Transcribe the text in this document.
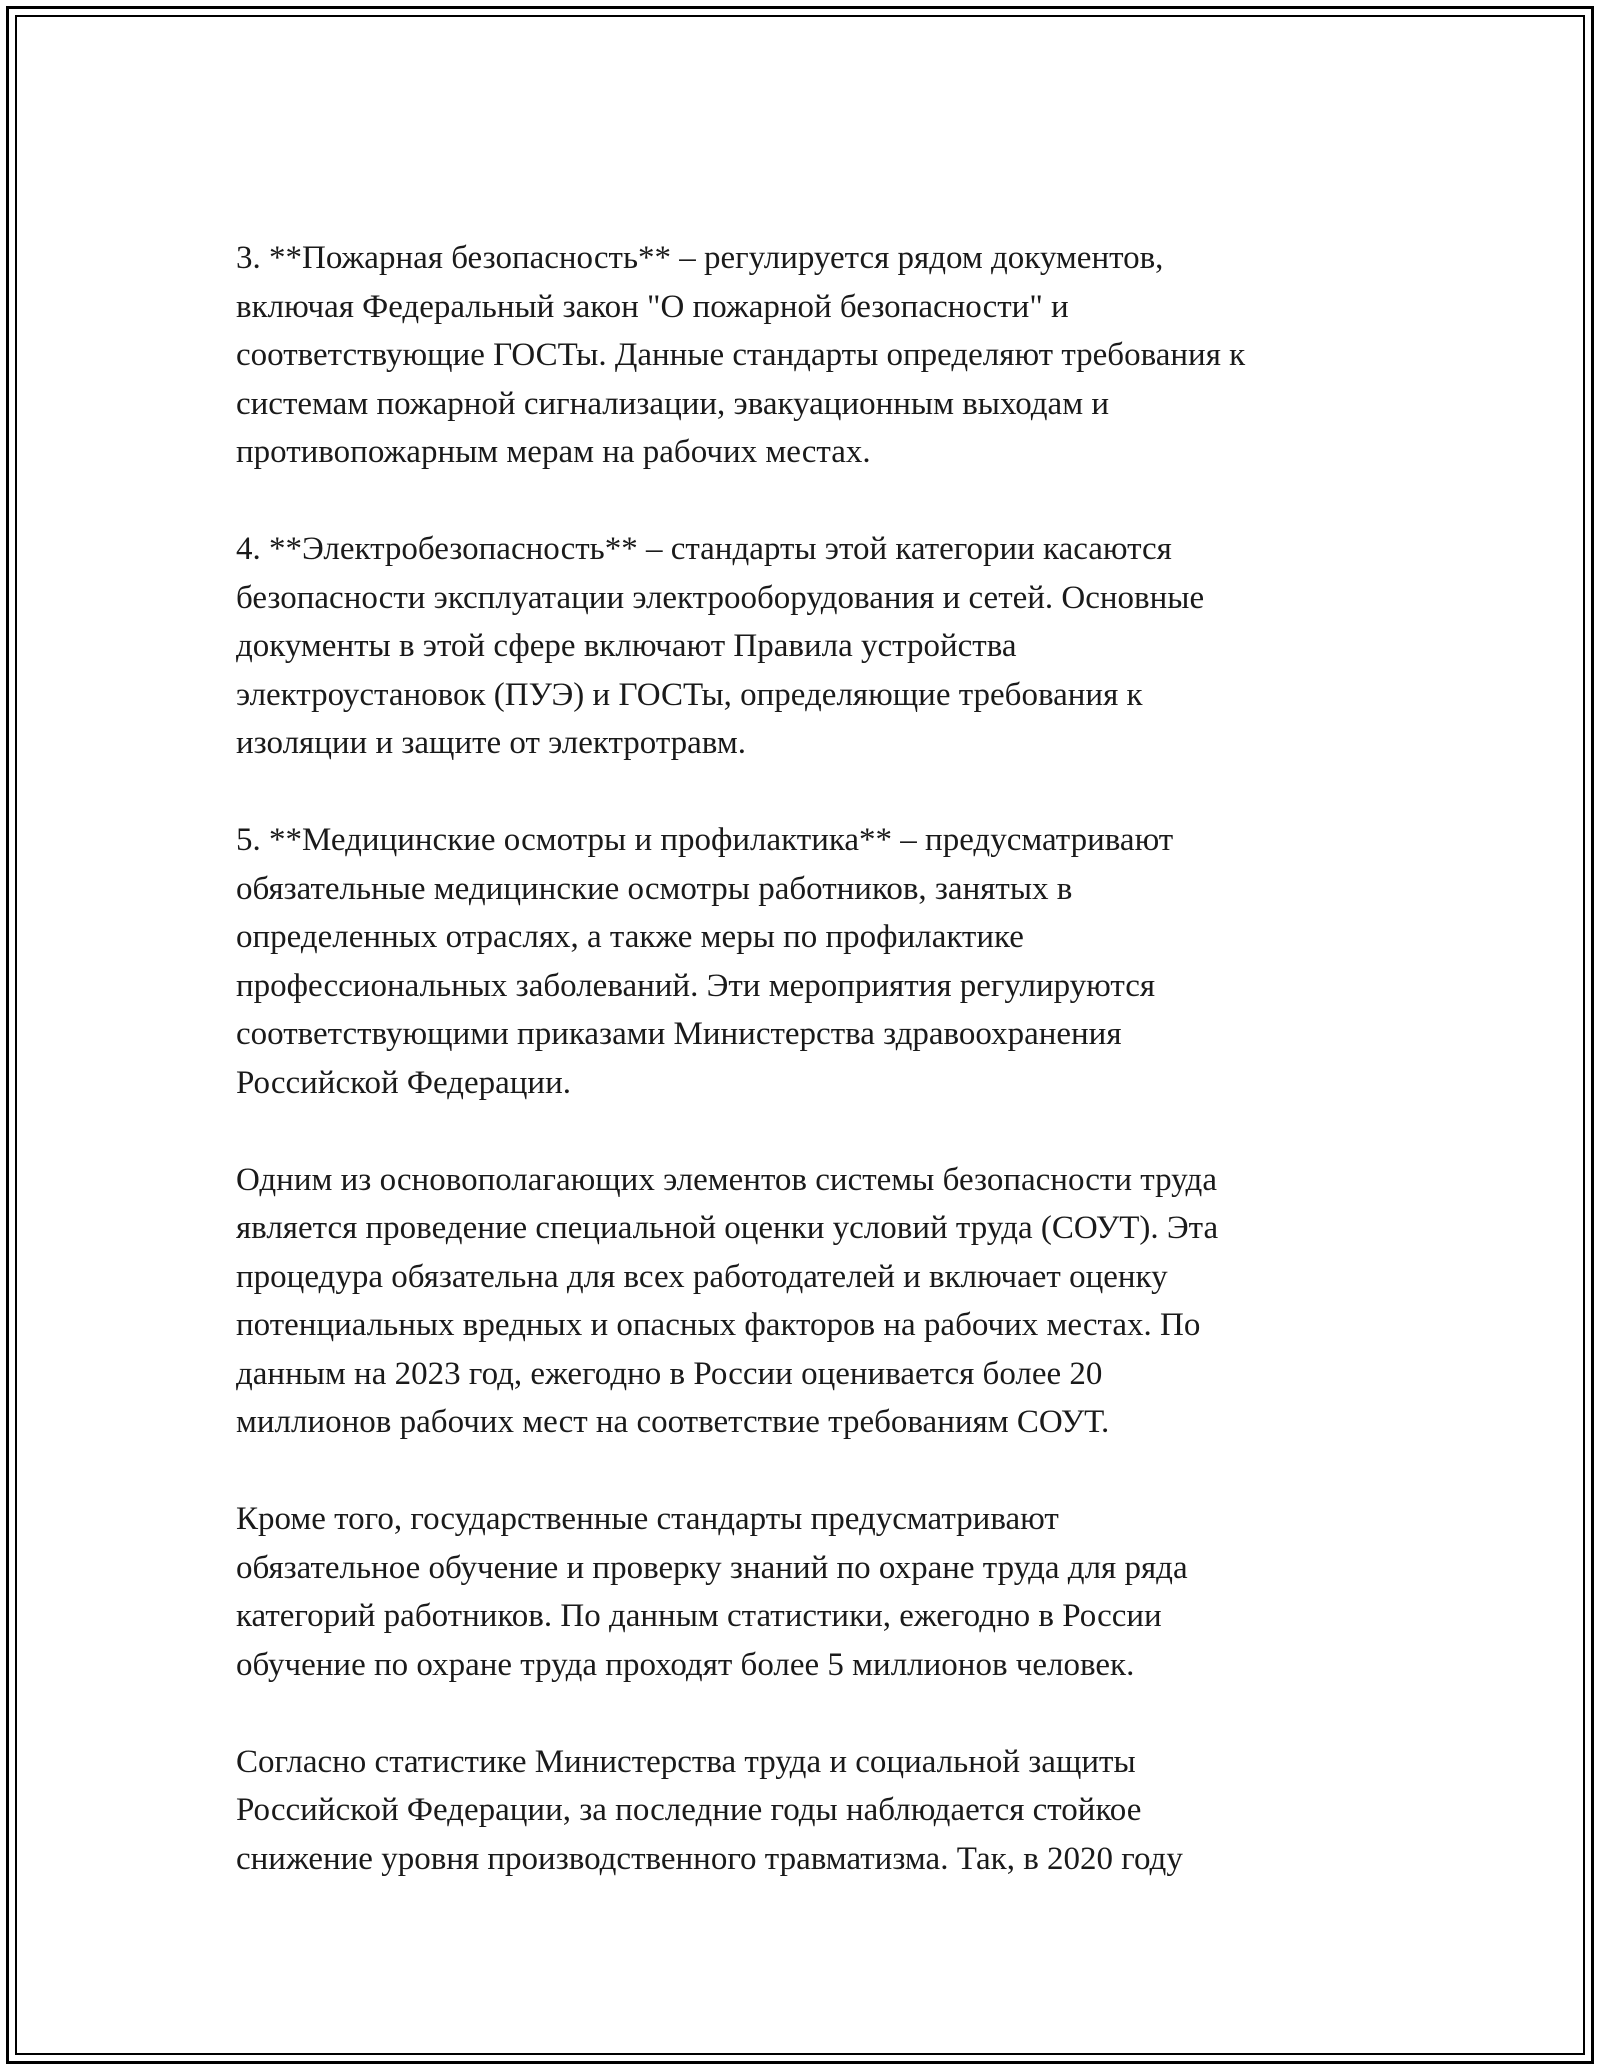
3. **Пожарная безопасность** – регулируется рядом документов,
включая Федеральный закон "О пожарной безопасности" и
соответствующие ГОСТы. Данные стандарты определяют требования к
системам пожарной сигнализации, эвакуационным выходам и
противопожарным мерам на рабочих местах.

4. **Электробезопасность** – стандарты этой категории касаются
безопасности эксплуатации электрооборудования и сетей. Основные
документы в этой сфере включают Правила устройства
электроустановок (ПУЭ) и ГОСТы, определяющие требования к
изоляции и защите от электротравм.

5. **Медицинские осмотры и профилактика** – предусматривают
обязательные медицинские осмотры работников, занятых в
определенных отраслях, а также меры по профилактике
профессиональных заболеваний. Эти мероприятия регулируются
соответствующими приказами Министерства здравоохранения
Российской Федерации.

Одним из основополагающих элементов системы безопасности труда
является проведение специальной оценки условий труда (СОУТ). Эта
процедура обязательна для всех работодателей и включает оценку
потенциальных вредных и опасных факторов на рабочих местах. По
данным на 2023 год, ежегодно в России оценивается более 20
миллионов рабочих мест на соответствие требованиям СОУТ.

Кроме того, государственные стандарты предусматривают
обязательное обучение и проверку знаний по охране труда для ряда
категорий работников. По данным статистики, ежегодно в России
обучение по охране труда проходят более 5 миллионов человек.

Согласно статистике Министерства труда и социальной защиты
Российской Федерации, за последние годы наблюдается стойкое
снижение уровня производственного травматизма. Так, в 2020 году
